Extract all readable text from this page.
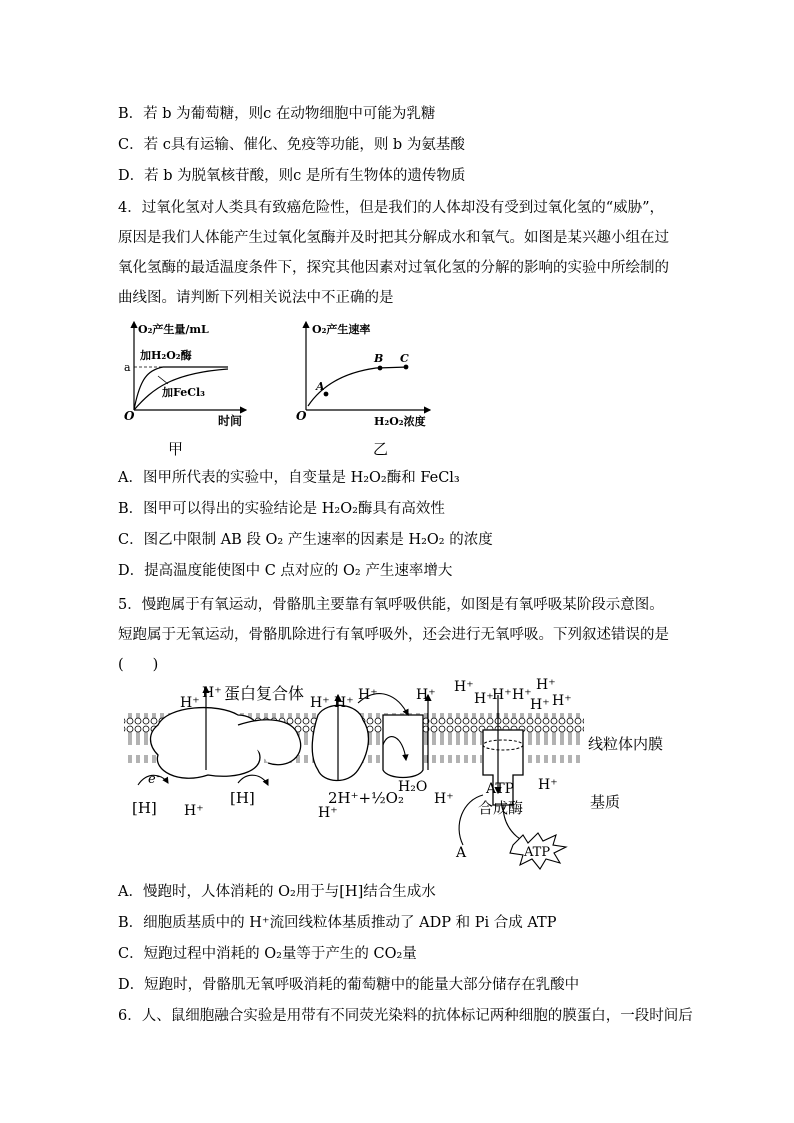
B．若 b 为葡萄糖，则c 在动物细胞中可能为乳糖
C．若 c具有运输、催化、免疫等功能，则 b 为氨基酸
D．若 b 为脱氧核苷酸，则c 是所有生物体的遗传物质
4．过氧化氢对人类具有致癌危险性，但是我们的人体却没有受到过氧化氢的“威胁”，原因是我们人体能产生过氧化氢酶并及时把其分解成水和氧气。如图是某兴趣小组在过氧化氢酶的最适温度条件下，探究其他因素对过氧化氢的分解的影响的实验中所绘制的曲线图。请判断下列相关说法中不正确的是
O₂产生量/mL
时间
O
a
加H₂O₂酶
加FeCl₃
甲
O₂产生速率
H₂O₂浓度
O
A
B C
乙
A．图甲所代表的实验中，自变量是 H₂O₂酶和 FeCl₃
B．图甲可以得出的实验结论是 H₂O₂酶具有高效性
C．图乙中限制 AB 段 O₂ 产生速率的因素是 H₂O₂ 的浓度
D．提高温度能使图中 C 点对应的 O₂ 产生速率增大
5．慢跑属于有氧运动，骨骼肌主要靠有氧呼吸供能，如图是有氧呼吸某阶段示意图。短跑属于无氧运动，骨骼肌除进行有氧呼吸外，还会进行无氧呼吸。下列叙述错误的是(　　)
H⁺
H⁺ 蛋白复合体 H⁺ H⁺ H⁺	H⁺ H⁺
H⁺
H⁺ H⁺
H⁺
H⁺ H⁺
e⁻
[H] H⁺
[H]	2H⁺+½O₂
H⁺
H₂O
H⁺
ATP
合成酶
H⁺
线粒体内膜
基质
A	ATP
A．慢跑时，人体消耗的 O₂用于与[H]结合生成水
B．细胞质基质中的 H⁺流回线粒体基质推动了 ADP 和 Pi 合成 ATP
C．短跑过程中消耗的 O₂量等于产生的 CO₂量
D．短跑时，骨骼肌无氧呼吸消耗的葡萄糖中的能量大部分储存在乳酸中
6．人、鼠细胞融合实验是用带有不同荧光染料的抗体标记两种细胞的膜蛋白，一段时间后
